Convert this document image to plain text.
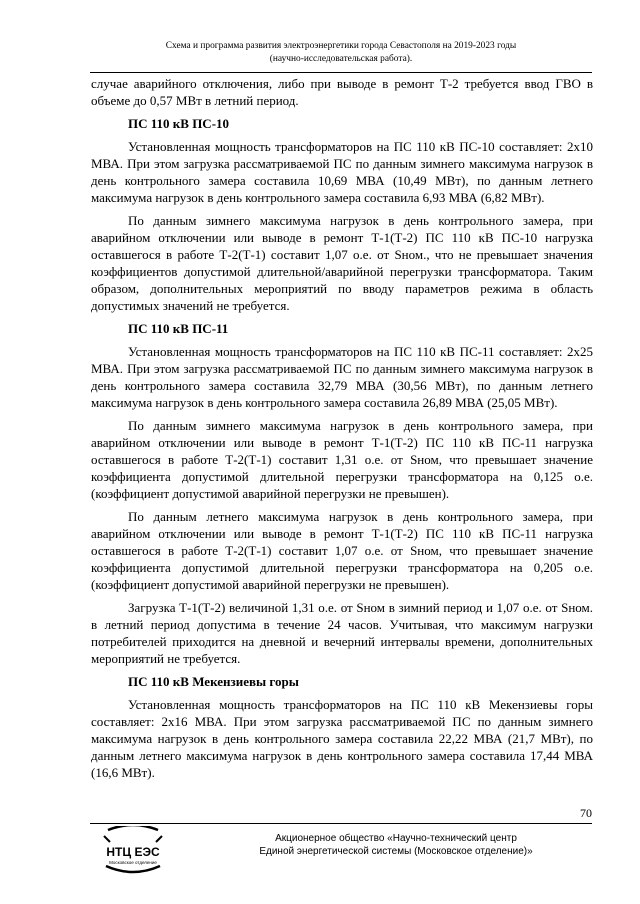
Схема и программа развития электроэнергетики города Севастополя на 2019-2023 годы
(научно-исследовательская работа).

случае аварийного отключения, либо при выводе в ремонт Т-2 требуется ввод ГВО в объеме до 0,57 МВт в летний период.

ПС 110 кВ ПС-10

Установленная мощность трансформаторов на ПС 110 кВ ПС-10 составляет: 2х10 МВА. При этом загрузка рассматриваемой ПС по данным зимнего максимума нагрузок в день контрольного замера составила 10,69 МВА (10,49 МВт), по данным летнего максимума нагрузок в день контрольного замера составила 6,93 МВА (6,82 МВт).

По данным зимнего максимума нагрузок в день контрольного замера, при аварийном отключении или выводе в ремонт Т-1(Т-2) ПС 110 кВ ПС-10 нагрузка оставшегося в работе Т-2(Т-1) составит 1,07 о.е. от Sном., что не превышает значения коэффициентов допустимой длительной/аварийной перегрузки трансформатора. Таким образом, дополнительных мероприятий по вводу параметров режима в область допустимых значений не требуется.

ПС 110 кВ ПС-11

Установленная мощность трансформаторов на ПС 110 кВ ПС-11 составляет: 2х25 МВА. При этом загрузка рассматриваемой ПС по данным зимнего максимума нагрузок в день контрольного замера составила 32,79 МВА (30,56 МВт), по данным летнего максимума нагрузок в день контрольного замера составила 26,89 МВА (25,05 МВт).

По данным зимнего максимума нагрузок в день контрольного замера, при аварийном отключении или выводе в ремонт Т-1(Т-2) ПС 110 кВ ПС-11 нагрузка оставшегося в работе Т-2(Т-1) составит 1,31 о.е. от Sном, что превышает значение коэффициента допустимой длительной перегрузки трансформатора на 0,125 о.е. (коэффициент допустимой аварийной перегрузки не превышен).

По данным летнего максимума нагрузок в день контрольного замера, при аварийном отключении или выводе в ремонт Т-1(Т-2) ПС 110 кВ ПС-11 нагрузка оставшегося в работе Т-2(Т-1) составит 1,07 о.е. от Sном, что превышает значение коэффициента допустимой длительной перегрузки трансформатора на 0,205 о.е. (коэффициент допустимой аварийной перегрузки не превышен).

Загрузка Т-1(Т-2) величиной 1,31 о.е. от Sном в зимний период и 1,07 о.е. от Sном. в летний период допустима в течение 24 часов. Учитывая, что максимум нагрузки потребителей приходится на дневной и вечерний интервалы времени, дополнительных мероприятий не требуется.

ПС 110 кВ Мекензиевы горы

Установленная мощность трансформаторов на ПС 110 кВ Мекензиевы горы составляет: 2х16 МВА. При этом загрузка рассматриваемой ПС по данным зимнего максимума нагрузок в день контрольного замера составила 22,22 МВА (21,7 МВт), по данным летнего максимума нагрузок в день контрольного замера составила 17,44 МВА (16,6 МВт).

70
НТЦ ЕЭС
Московское отделение
Акционерное общество «Научно-технический центр
Единой энергетической системы (Московское отделение)»
